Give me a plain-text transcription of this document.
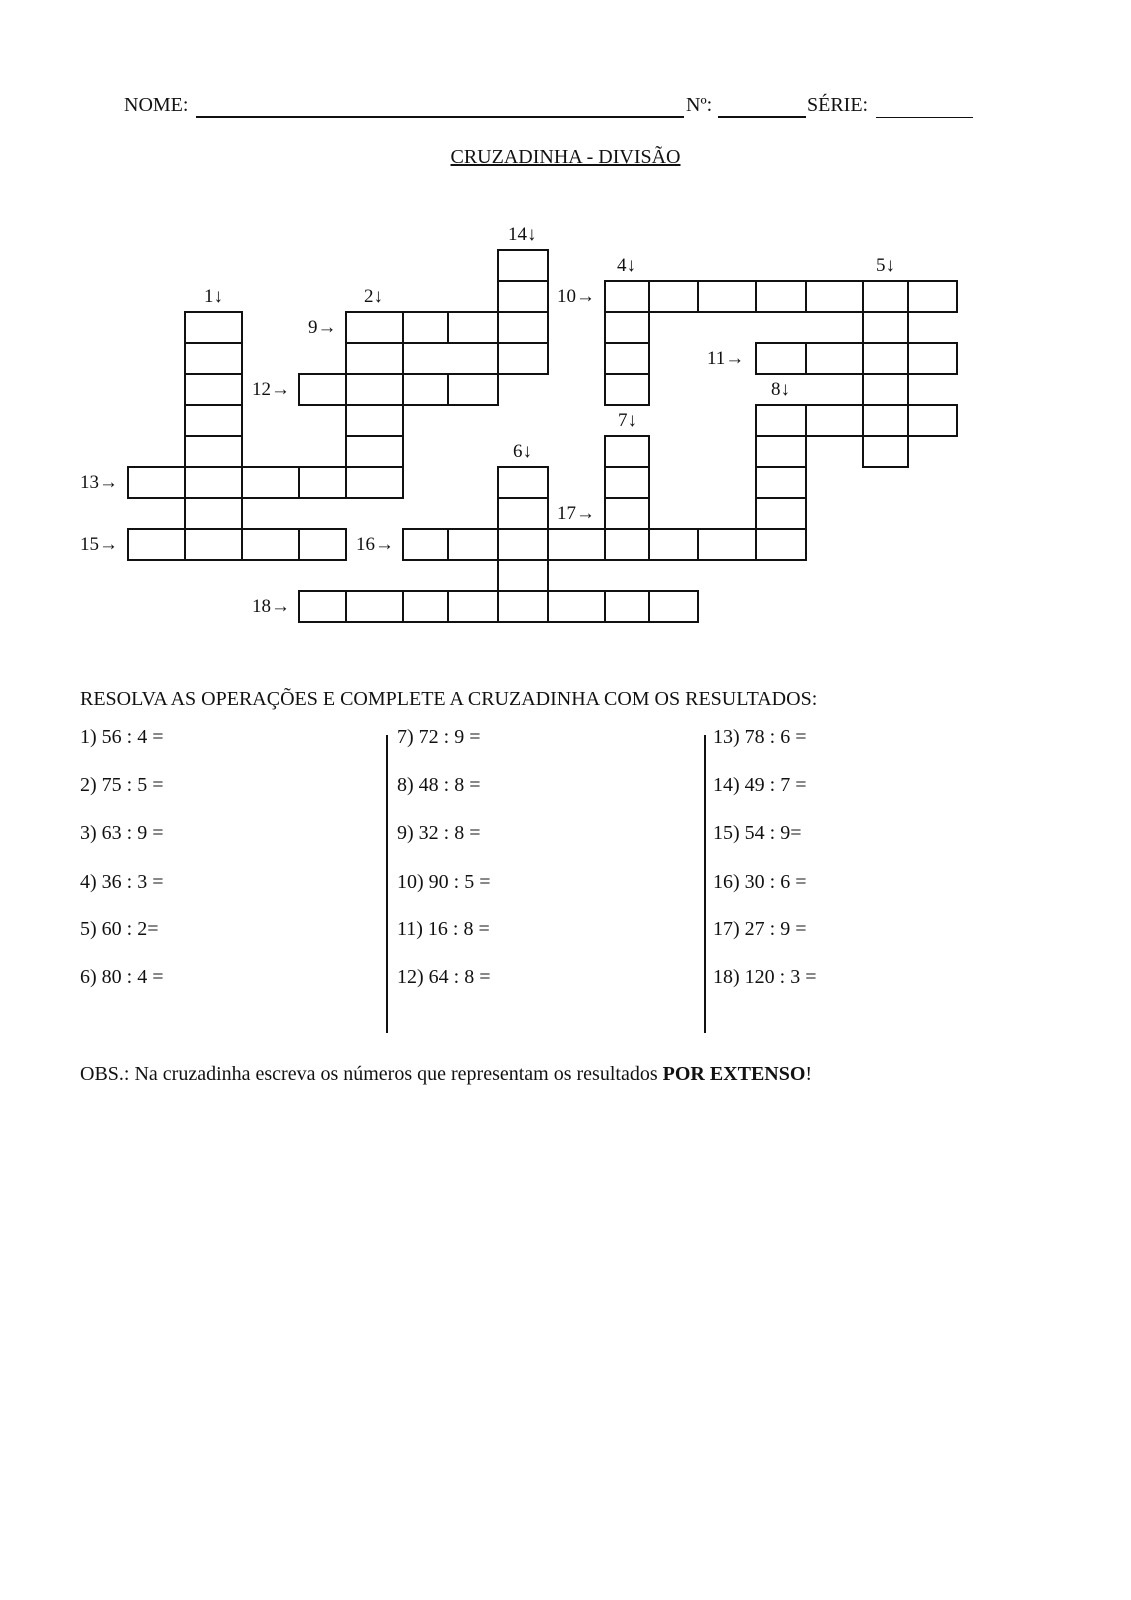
NOME:	Nº:	SÉRIE:
CRUZADINHA - DIVISÃO
1↓	2↓
4↓	5↓
6↓
7↓
8↓
9→
10→
11→
12→
13→
14↓
15→	16→
17→
18→
RESOLVA AS OPERAÇÕES E COMPLETE A CRUZADINHA COM OS RESULTADOS:
1) 56 : 4 =
2) 75 : 5 =
3) 63 : 9 =
4) 36 : 3 =
5) 60 : 2=
6) 80 : 4 =
7) 72 : 9 =
8) 48 : 8 =
9) 32 : 8 =
10) 90 : 5 =
11) 16 : 8 =
12) 64 : 8 =
13) 78 : 6 =
14) 49 : 7 =
15) 54 : 9=
16) 30 : 6 =
17) 27 : 9 =
18) 120 : 3 =
OBS.: Na cruzadinha escreva os números que representam os resultados POR EXTENSO!
